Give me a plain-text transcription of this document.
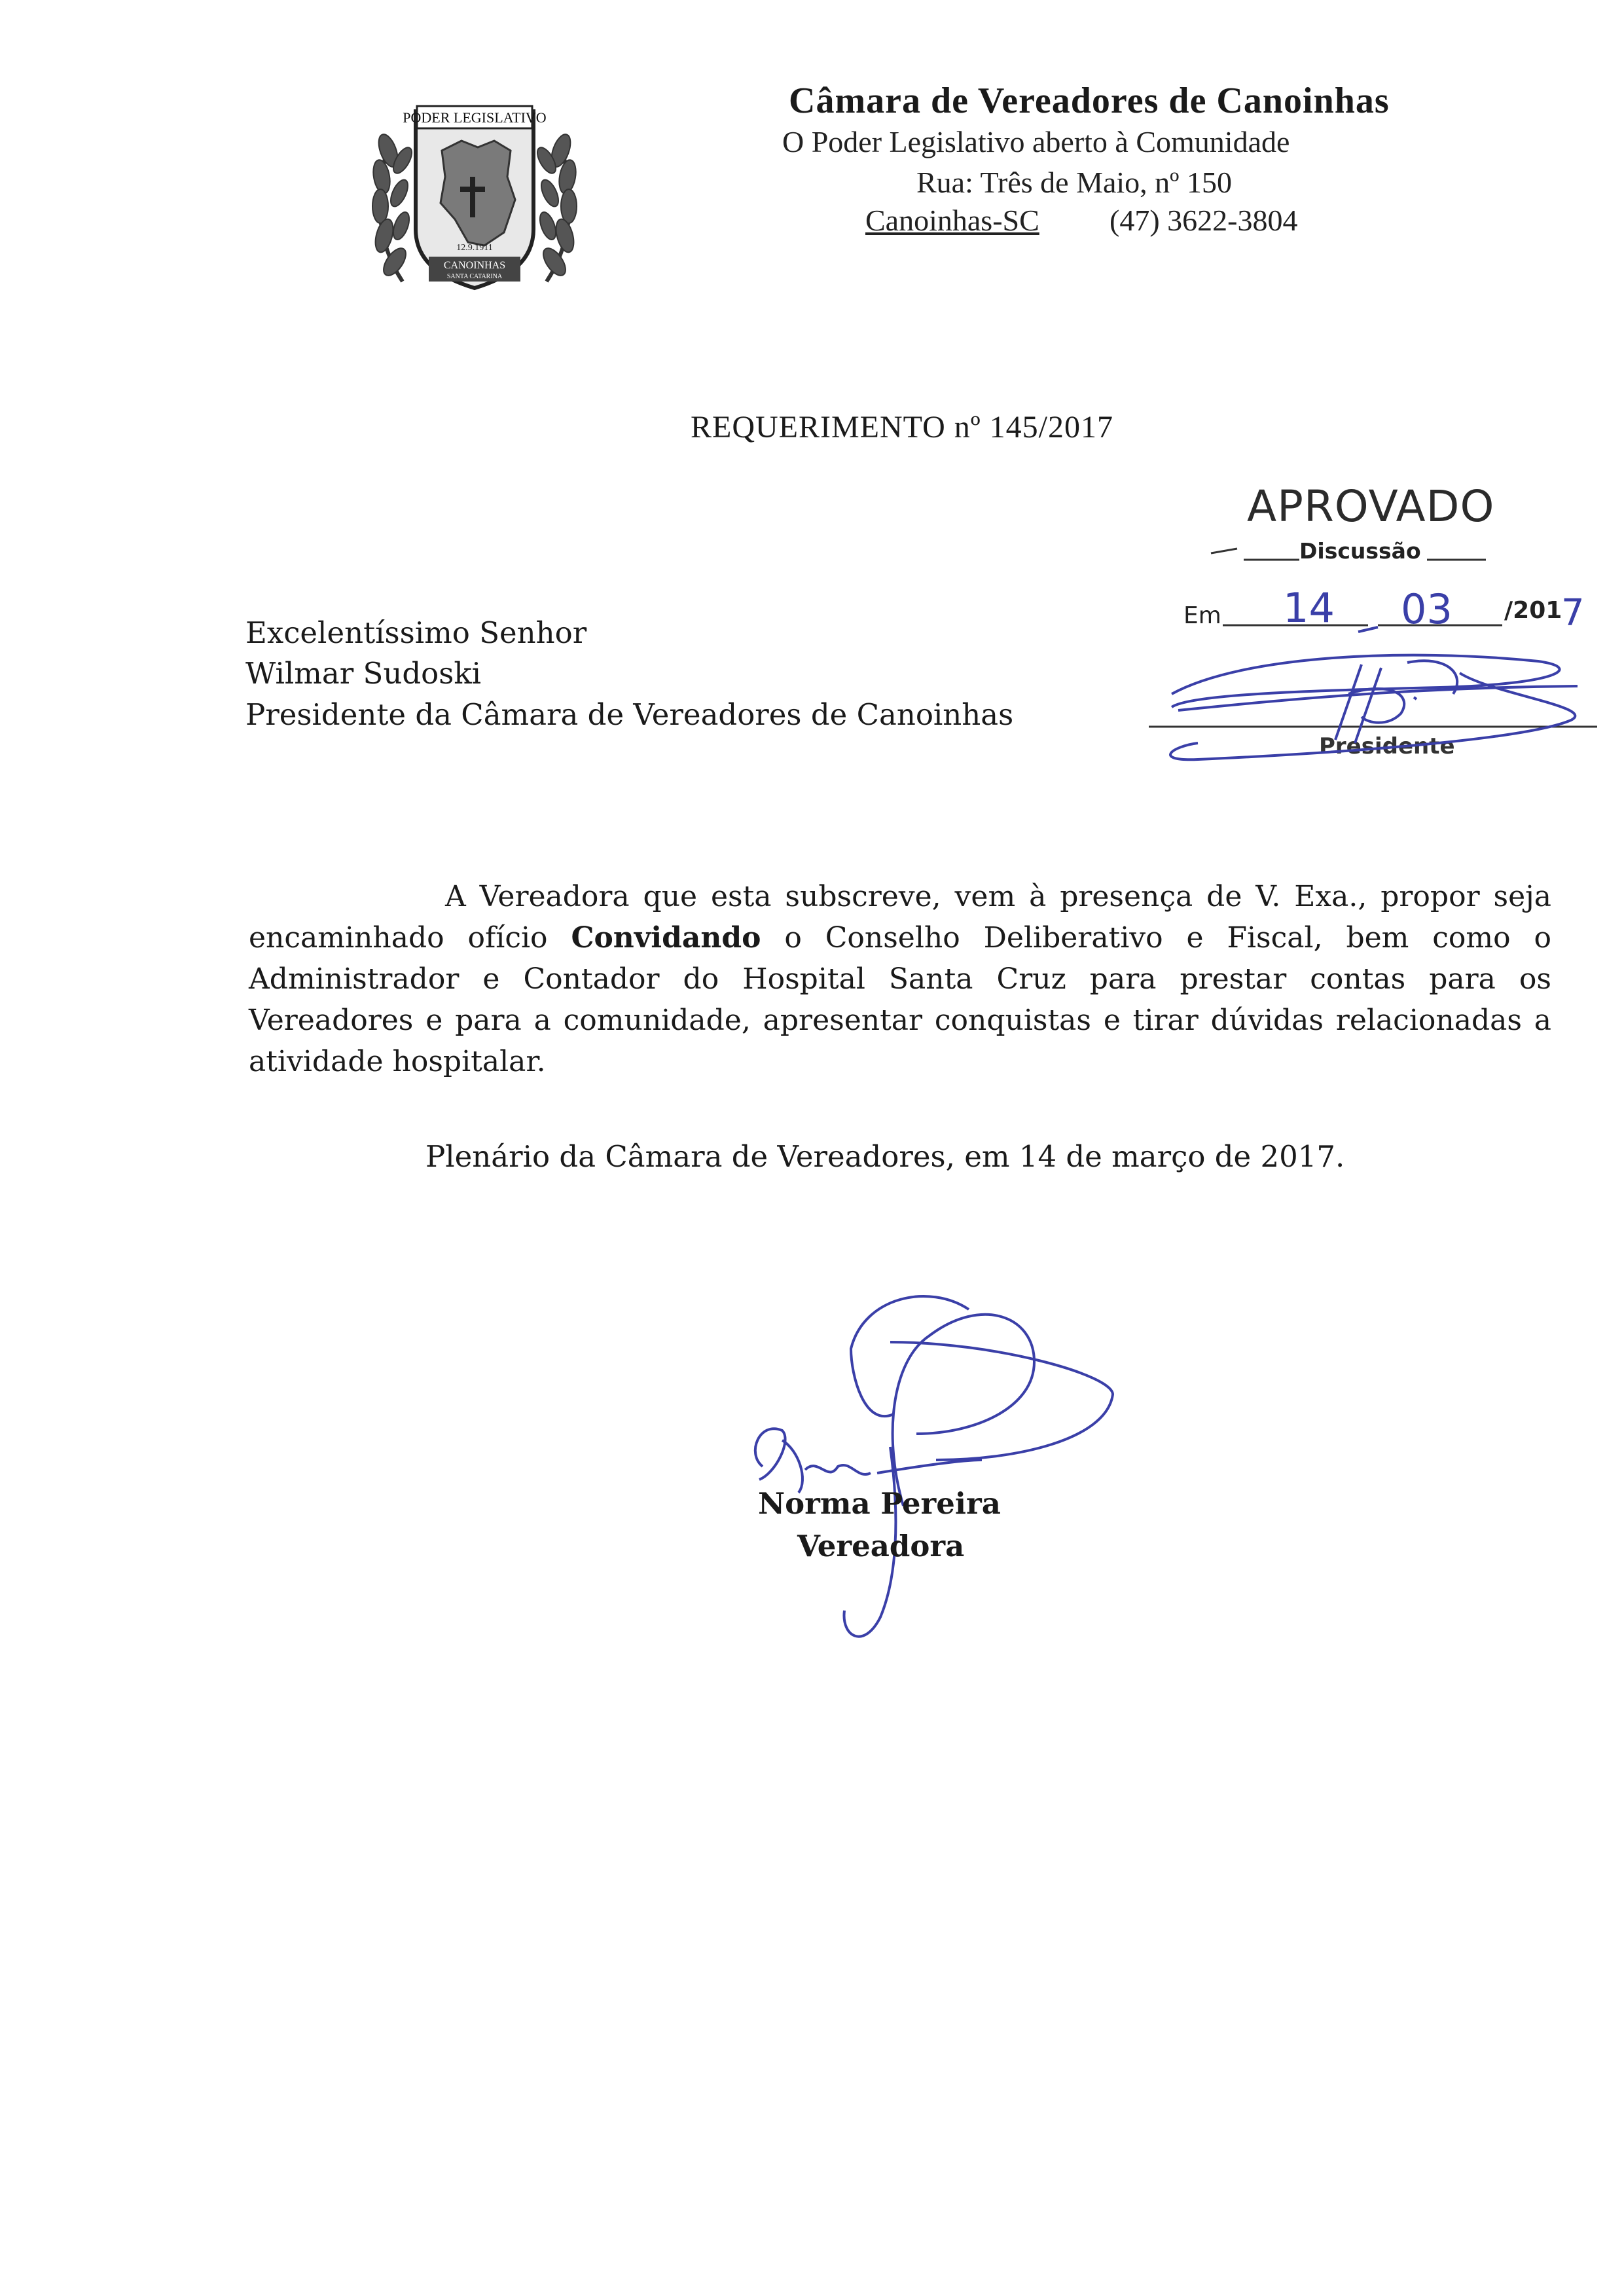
PODER LEGISLATIVO
12.9.1911
CANOINHAS
SANTA CATARINA
Câmara de Vereadores de Canoinhas
O Poder Legislativo aberto à Comunidade
Rua: Três de Maio, nº 150
Canoinhas-SC (47) 3622-3804
REQUERIMENTO nº 145/2017
APROVADO
Discussão
Em	/201
Presidente
14 03	7
Excelentíssimo Senhor
Wilmar Sudoski
Presidente da Câmara de Vereadores de Canoinhas

A Vereadora que esta subscreve, vem à presença de V. Exa., propor seja encaminhado ofício Convidando o Conselho Deliberativo e Fiscal, bem como o Administrador e Contador do Hospital Santa Cruz para prestar contas para os Vereadores e para a comunidade, apresentar conquistas e tirar dúvidas relacionadas a atividade hospitalar.

Plenário da Câmara de Vereadores, em 14 de março de 2017.
Norma Pereira
Vereadora
